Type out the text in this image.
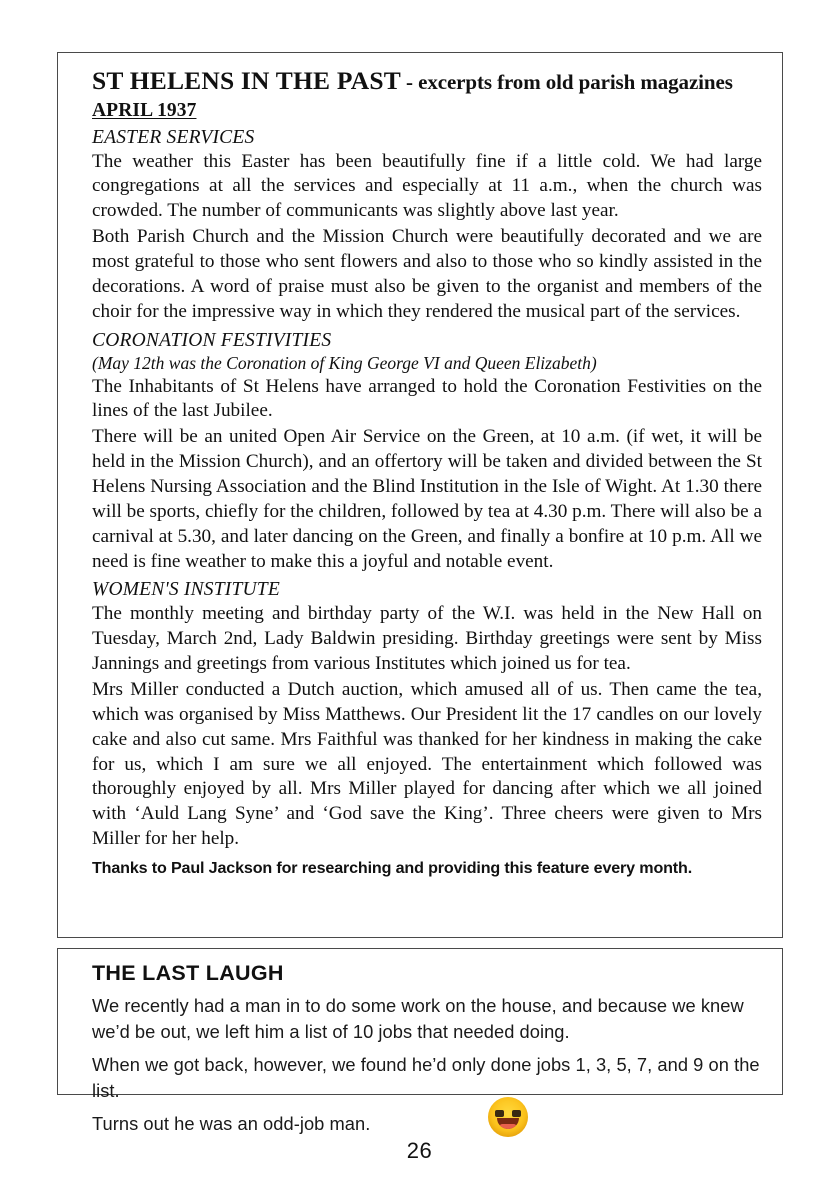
ST HELENS IN THE PAST - excerpts from old parish magazines
APRIL 1937
EASTER SERVICES

The weather this Easter has been beautifully fine if a little cold. We had large congregations at all the services and especially at 11 a.m., when the church was crowded. The number of communicants was slightly above last year.

Both Parish Church and the Mission Church were beautifully decorated and we are most grateful to those who sent flowers and also to those who so kindly assisted in the decorations. A word of praise must also be given to the organist and members of the choir for the impressive way in which they rendered the musical part of the services.

CORONATION FESTIVITIES
(May 12th was the Coronation of King George VI and Queen Elizabeth)

The Inhabitants of St Helens have arranged to hold the Coronation Festivities on the lines of the last Jubilee.

There will be an united Open Air Service on the Green, at 10 a.m. (if wet, it will be held in the Mission Church), and an offertory will be taken and divided between the St Helens Nursing Association and the Blind Institution in the Isle of Wight. At 1.30 there will be sports, chiefly for the children, followed by tea at 4.30 p.m. There will also be a carnival at 5.30, and later dancing on the Green, and finally a bonfire at 10 p.m. All we need is fine weather to make this a joyful and notable event.

WOMEN'S INSTITUTE

The monthly meeting and birthday party of the W.I. was held in the New Hall on Tuesday, March 2nd, Lady Baldwin presiding. Birthday greetings were sent by Miss Jannings and greetings from various Institutes which joined us for tea.

Mrs Miller conducted a Dutch auction, which amused all of us. Then came the tea, which was organised by Miss Matthews. Our President lit the 17 candles on our lovely cake and also cut same. Mrs Faithful was thanked for her kindness in making the cake for us, which I am sure we all enjoyed. The entertainment which followed was thoroughly enjoyed by all. Mrs Miller played for dancing after which we all joined with ‘Auld Lang Syne’ and ‘God save the King’. Three cheers were given to Mrs Miller for her help.

Thanks to Paul Jackson for researching and providing this feature every month.
THE LAST LAUGH

We recently had a man in to do some work on the house, and because we knew we’d be out, we left him a list of 10 jobs that needed doing.

When we got back, however, we found he’d only done jobs 1, 3, 5, 7, and 9 on the list.

Turns out he was an odd-job man.

26
